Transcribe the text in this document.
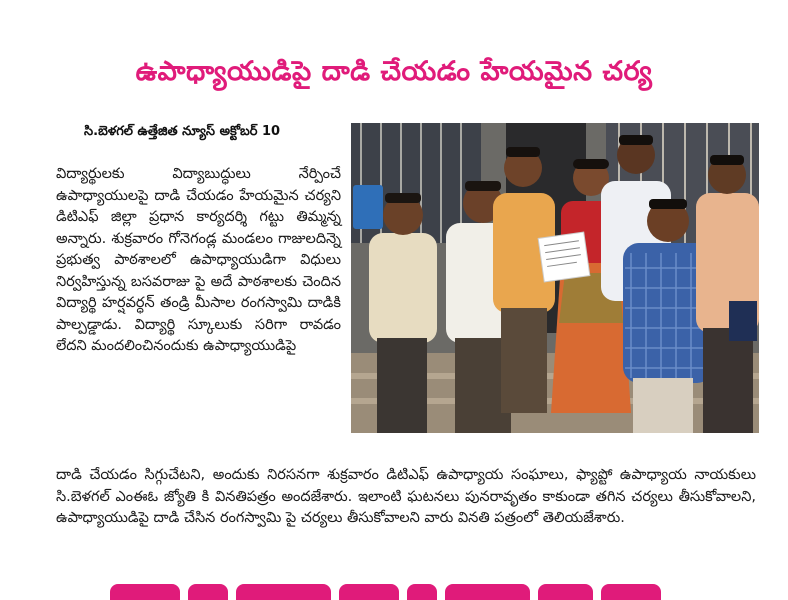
ఉపాధ్యాయుడిపై దాడి చేయడం హేయమైన చర్య
సి.బెళగల్ ఉత్తేజిత న్యూస్ అక్టోబర్ 10
విద్యార్థులకు విద్యాబుద్ధులు నేర్పించే ఉపాధ్యాయులపై దాడి చేయడం హేయమైన చర్యని డిటిఎఫ్ జిల్లా ప్రధాన కార్యదర్శి గట్టు తిమ్మన్న అన్నారు. శుక్రవారం గోనెగండ్ల మండలం గాజులదిన్నె ప్రభుత్వ పాఠశాలలో ఉపాధ్యాయుడిగా విధులు నిర్వహిస్తున్న బసవరాజు పై అదే పాఠశాలకు చెందిన విద్యార్థి హర్షవర్ధన్ తండ్రి మీసాల రంగస్వామి దాడికి పాల్పడ్డాడు. విద్యార్థి స్కూలుకు సరిగా రావడం లేదని మందలించినందుకు ఉపాధ్యాయుడిపై
దాడి చేయడం సిగ్గుచేటని, అందుకు నిరసనగా శుక్రవారం డిటిఎఫ్ ఉపాధ్యాయ సంఘాలు, ఫ్యాప్టో ఉపాధ్యాయ నాయకులు సి.బెళగల్ ఎంఈఓ జ్యోతి కి వినతిపత్రం అందజేశారు. ఇలాంటి ఘటనలు పునరావృతం కాకుండా తగిన చర్యలు తీసుకోవాలని, ఉపాధ్యాయుడిపై దాడి చేసిన రంగస్వామి పై చర్యలు తీసుకోవాలని వారు వినతి పత్రంలో తెలియజేశారు.
